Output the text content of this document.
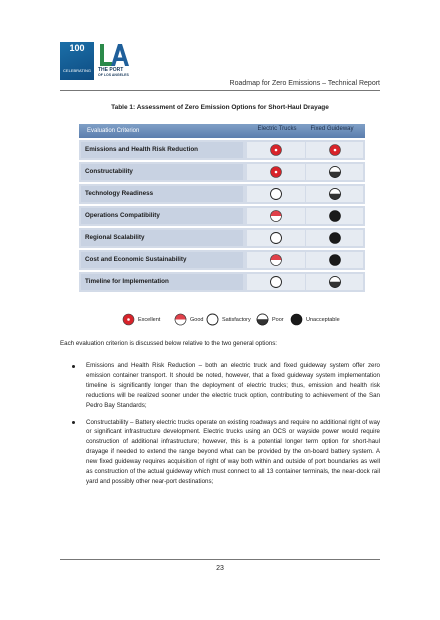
100
CELEBRATING	THE PORT
OF LOS ANGELES
Roadmap for Zero Emissions – Technical Report
Table 1: Assessment of Zero Emission Options for Short-Haul Drayage
Evaluation Criterion	Electric Trucks	Fixed Guideway
Emissions and Health Risk Reduction
Constructability
Technology Readiness
Operations Compatibility
Regional Scalability
Cost and Economic Sustainability
Timeline for Implementation
Excellent	Good	Satisfactory	Poor	Unacceptable
Each evaluation criterion is discussed below relative to the two general options:
Emissions and Health Risk Reduction – both an electric truck and fixed guideway system offer zero emission container transport. It should be noted, however, that a fixed guideway system implementation timeline is significantly longer than the deployment of electric trucks; thus, emission and health risk reductions will be realized sooner under the electric truck option, contributing to achievement of the San Pedro Bay Standards;
Constructability – Battery electric trucks operate on existing roadways and require no additional right of way or significant infrastructure development. Electric trucks using an OCS or wayside power would require construction of additional infrastructure; however, this is a potential longer term option for short-haul drayage if needed to extend the range beyond what can be provided by the on-board battery system. A new fixed guideway requires acquisition of right of way both within and outside of port boundaries as well as construction of the actual guideway which must connect to all 13 container terminals, the near-dock rail yard and possibly other near-port destinations;
23
